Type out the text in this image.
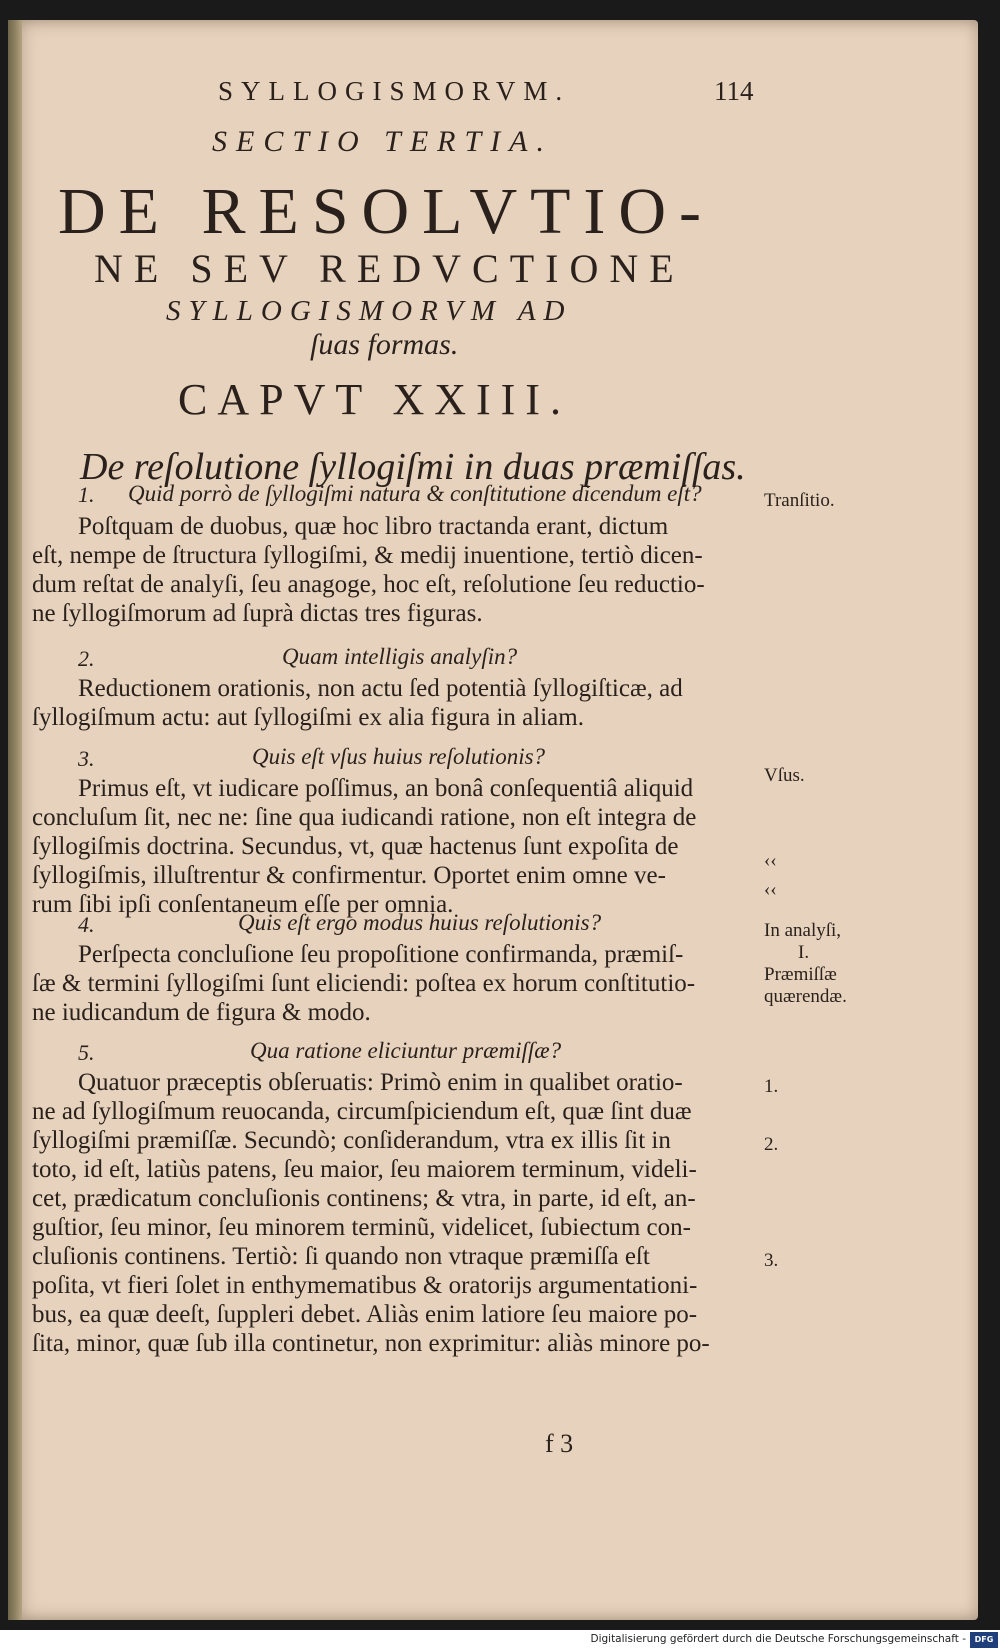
SYLLOGISMORVM.	114
SECTIO TERTIA.
DE RESOLVTIO-
NE SEV REDVCTIONE
SYLLOGISMORVM AD
ſuas formas.
CAPVT XXIII.
De reſolutione ſyllogiſmi in duas præmiſſas.
1. Quid porrò de ſyllogiſmi natura & conſtitutione dicendum eſt?
Poſtquam de duobus, quæ hoc libro tractanda erant, dictum
eſt, nempe de ſtructura ſyllogiſmi, & medij inuentione, tertiò dicen-
dum reſtat de analyſi, ſeu anagoge, hoc eſt, reſolutione ſeu reductio-
ne ſyllogiſmorum ad ſuprà dictas tres figuras.
2.	Quam intelligis analyſin?
Reductionem orationis, non actu ſed potentià ſyllogiſticæ, ad
ſyllogiſmum actu: aut ſyllogiſmi ex alia figura in aliam.
3.	Quis eſt vſus huius reſolutionis?
Primus eſt, vt iudicare poſſimus, an bonâ conſequentiâ aliquid
concluſum ſit, nec ne: ſine qua iudicandi ratione, non eſt integra de
ſyllogiſmis doctrina. Secundus, vt, quæ hactenus ſunt expoſita de
ſyllogiſmis, illuſtrentur & confirmentur. Oportet enim omne ve-
rum ſibi ipſi conſentaneum eſſe per omnia.
4.	Quis eſt ergo modus huius reſolutionis?
Perſpecta concluſione ſeu propoſitione confirmanda, præmiſ-
ſæ & termini ſyllogiſmi ſunt eliciendi: poſtea ex horum conſtitutio-
ne iudicandum de figura & modo.
5.	Qua ratione eliciuntur præmiſſæ?
Quatuor præceptis obſeruatis: Primò enim in qualibet oratio-
ne ad ſyllogiſmum reuocanda, circumſpiciendum eſt, quæ ſint duæ
ſyllogiſmi præmiſſæ. Secundò; conſiderandum, vtra ex illis ſit in
toto, id eſt, latiùs patens, ſeu maior, ſeu maiorem terminum, videli-
cet, prædicatum concluſionis continens; & vtra, in parte, id eſt, an-
guſtior, ſeu minor, ſeu minorem terminũ, videlicet, ſubiectum con-
cluſionis continens. Tertiò: ſi quando non vtraque præmiſſa eſt
poſita, vt fieri ſolet in enthymematibus & oratorijs argumentationi-
bus, ea quæ deeſt, ſuppleri debet. Aliàs enim latiore ſeu maiore po-
ſita, minor, quæ ſub illa continetur, non exprimitur: aliàs minore po-
Tranſitio.
Vſus.
‹‹
‹‹
In analyſi,
I.
Præmiſſæ
quærendæ.
1.
2.
3.
f 3
Digitalisierung gefördert durch die Deutsche Forschungsgemeinschaft -	DFG
